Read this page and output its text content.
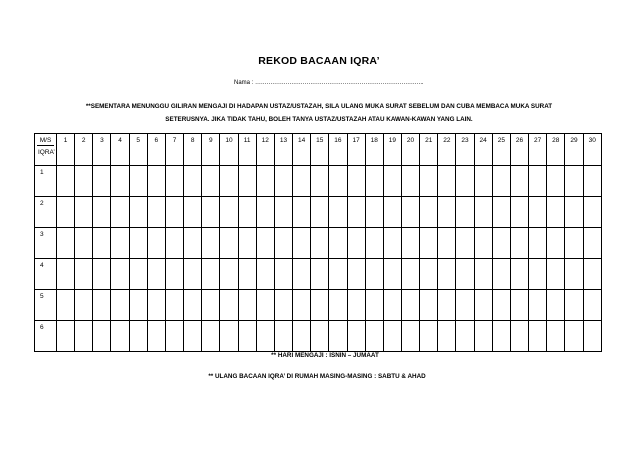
REKOD BACAAN IQRA’
Nama : ……………………………………………………………………………..
**SEMENTARA MENUNGGU GILIRAN MENGAJI DI HADAPAN USTAZ/USTAZAH, SILA ULANG MUKA SURAT SEBELUM DAN CUBA MEMBACA MUKA SURAT
SETERUSNYA. JIKA TIDAK TAHU, BOLEH TANYA USTAZ/USTAZAH ATAU KAWAN-KAWAN YANG LAIN.
M/S
IQRA’	1	2	3	4	5	6	7	8	9	10	11	12	13	14	15	16	17	18	19	20	21	22	23	24	25	26	27	28	29	30
1																														
2																														
3																														
4																														
5																														
6																														
** HARI MENGAJI : ISNIN – JUMAAT
** ULANG BACAAN IQRA’ DI RUMAH MASING-MASING : SABTU & AHAD
